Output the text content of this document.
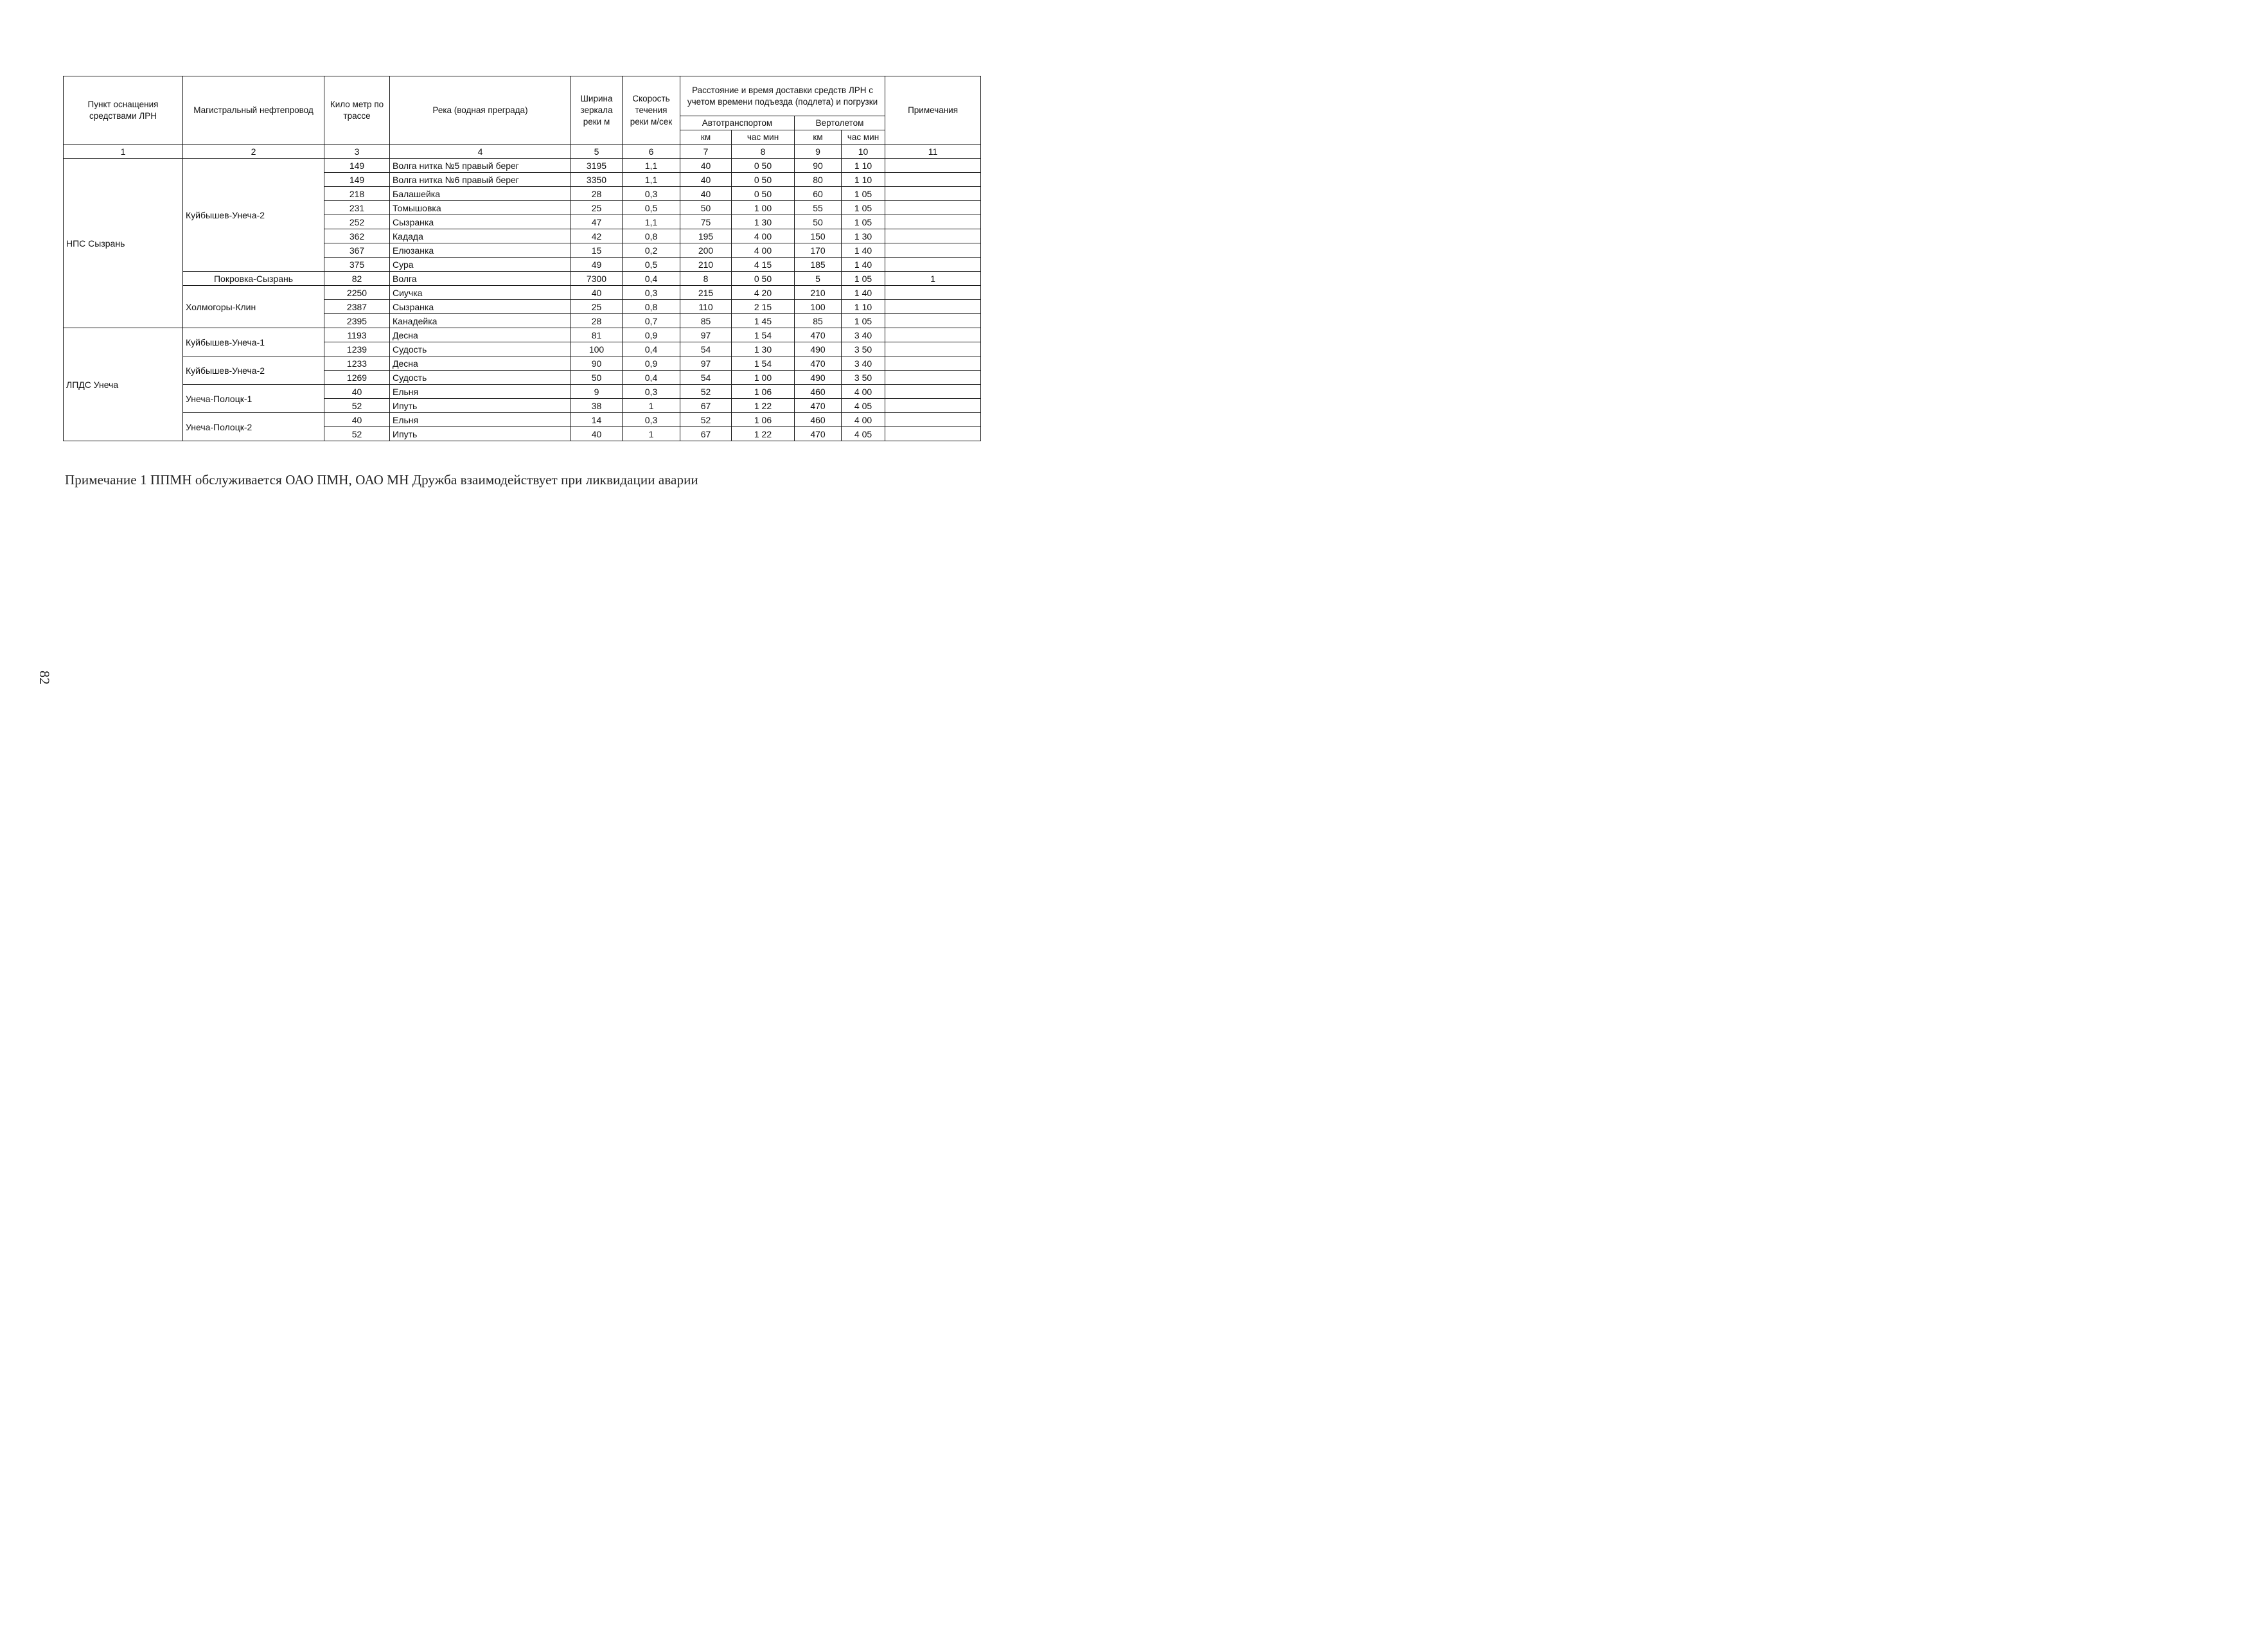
Пункт оснащения средствами ЛРН	Магистральный нефтепровод	Кило метр по трассе	Река (водная преграда)	Ширина зеркала реки м	Скорость течения реки м/сек	Расстояние и время доставки средств ЛРН с учетом времени подъезда (подлета) и погрузки				Примечания
						Автотранспортом		Вертолетом		
						км	час мин	км	час мин	
1	2	3	4	5	6	7	8	9	10	11
НПС Сызрань	Куйбышев-Унеча-2	149	Волга нитка №5 правый берег	3195	1,1	40	0 50	90	1 10	
		149	Волга нитка №6 правый берег	3350	1,1	40	0 50	80	1 10	
		218	Балашейка	28	0,3	40	0 50	60	1 05	
		231	Томышовка	25	0,5	50	1 00	55	1 05	
		252	Сызранка	47	1,1	75	1 30	50	1 05	
		362	Кадада	42	0,8	195	4 00	150	1 30	
		367	Елюзанка	15	0,2	200	4 00	170	1 40	
		375	Сура	49	0,5	210	4 15	185	1 40	
	Покровка-Сызрань	82	Волга	7300	0,4	8	0 50	5	1 05	1
	Холмогоры-Клин	2250	Сиучка	40	0,3	215	4 20	210	1 40	
		2387	Сызранка	25	0,8	110	2 15	100	1 10	
		2395	Канадейка	28	0,7	85	1 45	85	1 05	
ЛПДС Унеча	Куйбышев-Унеча-1	1193	Десна	81	0,9	97	1 54	470	3 40	
		1239	Судость	100	0,4	54	1 30	490	3 50	
	Куйбышев-Унеча-2	1233	Десна	90	0,9	97	1 54	470	3 40	
		1269	Судость	50	0,4	54	1 00	490	3 50	
	Унеча-Полоцк-1	40	Ельня	9	0,3	52	1 06	460	4 00	
		52	Ипуть	38	1	67	1 22	470	4 05	
	Унеча-Полоцк-2	40	Ельня	14	0,3	52	1 06	460	4 00	
		52	Ипуть	40	1	67	1 22	470	4 05	
Примечание 1 ППМН обслуживается ОАО ПМН, ОАО МН Дружба взаимодействует при ликвидации аварии
82
